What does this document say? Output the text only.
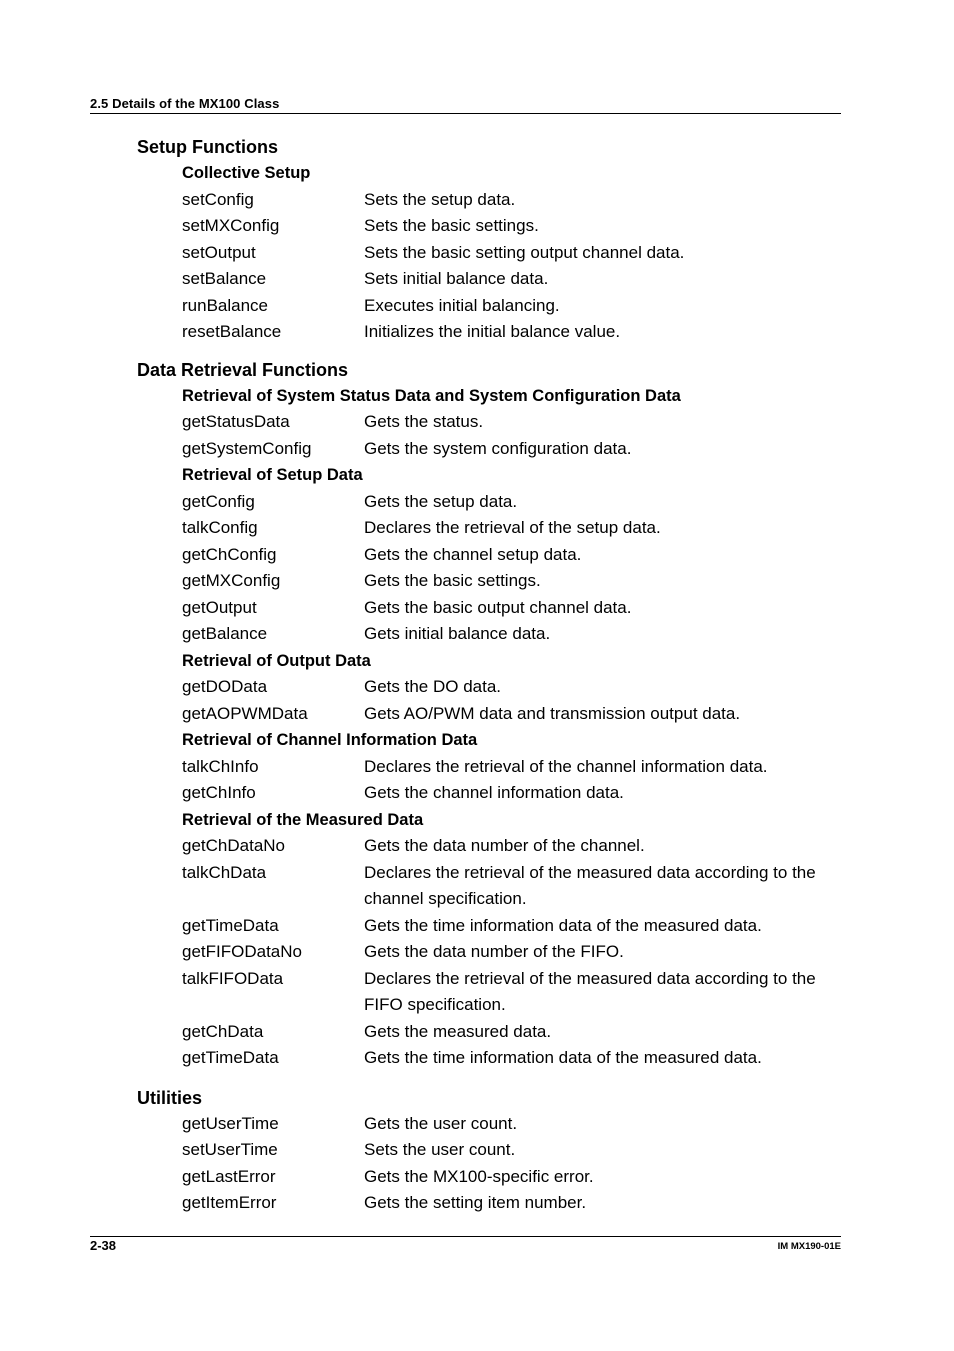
2.5 Details of the MX100 Class
Setup Functions
Collective Setup
setConfig	Sets the setup data.
setMXConfig	Sets the basic settings.
setOutput	Sets the basic setting output channel data.
setBalance	Sets initial balance data.
runBalance	Executes initial balancing.
resetBalance	Initializes the initial balance value.
Data Retrieval Functions
Retrieval of System Status Data and System Configuration Data
getStatusData	Gets the status.
getSystemConfig	Gets the system configuration data.
Retrieval of Setup Data
getConfig	Gets the setup data.
talkConfig	Declares the retrieval of the setup data.
getChConfig	Gets the channel setup data.
getMXConfig	Gets the basic settings.
getOutput	Gets the basic output channel data.
getBalance	Gets initial balance data.
Retrieval of Output Data
getDOData	Gets the DO data.
getAOPWMData	Gets AO/PWM data and transmission output data.
Retrieval of Channel Information Data
talkChInfo	Declares the retrieval of the channel information data.
getChInfo	Gets the channel information data.
Retrieval of the Measured Data
getChDataNo	Gets the data number of the channel.
talkChData	Declares the retrieval of the measured data according to the channel specification.
getTimeData	Gets the time information data of the measured data.
getFIFODataNo	Gets the data number of the FIFO.
talkFIFOData	Declares the retrieval of the measured data according to the FIFO specification.
getChData	Gets the measured data.
getTimeData	Gets the time information data of the measured data.
Utilities
getUserTime	Gets the user count.
setUserTime	Sets the user count.
getLastError	Gets the MX100-specific error.
getItemError	Gets the setting item number.
2-38	IM MX190-01E
